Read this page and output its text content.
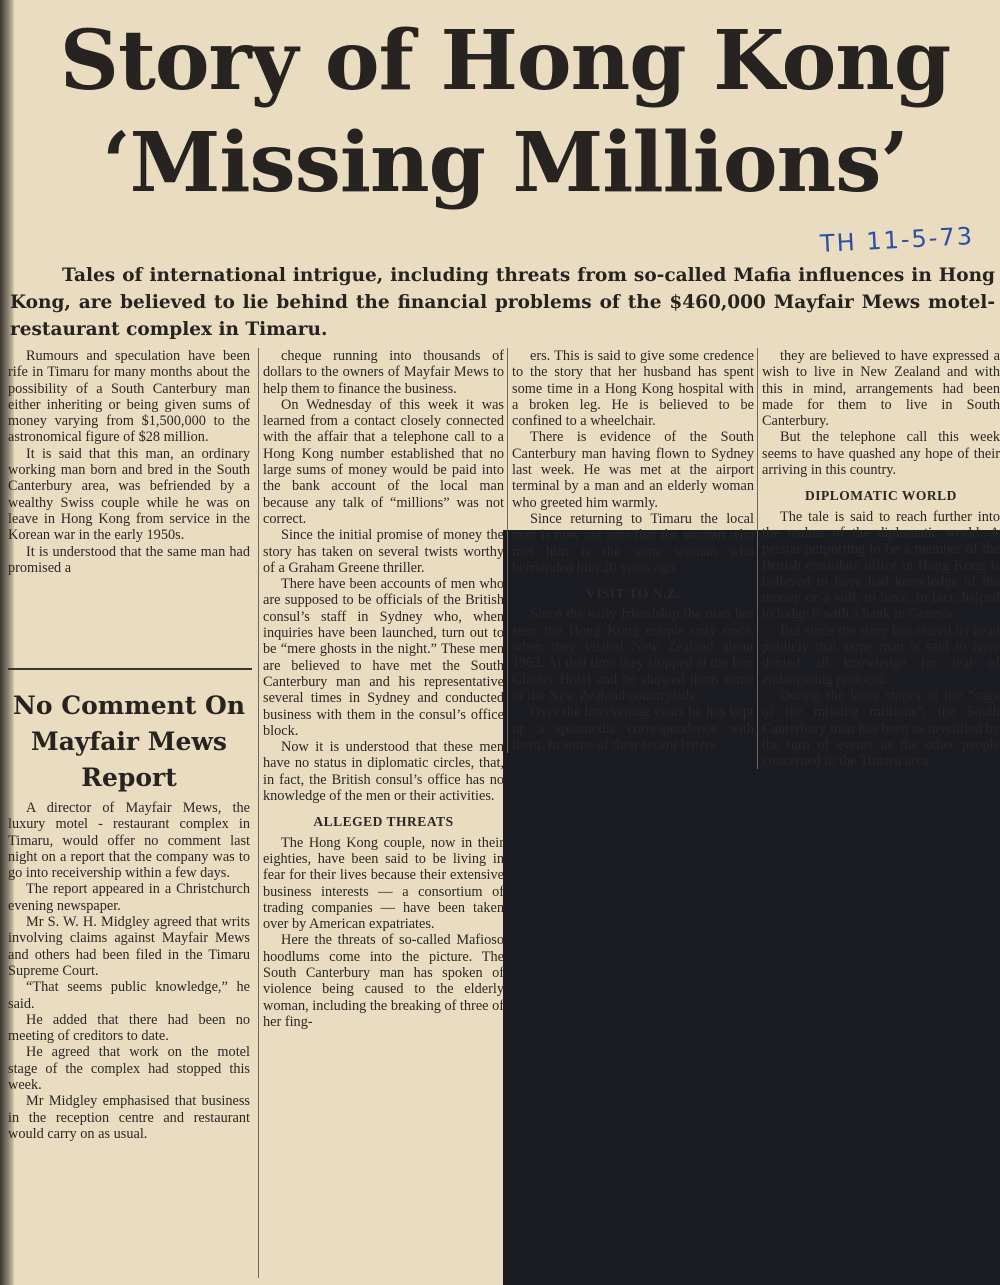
Story of Hong Kong
‘Missing Millions’
TH 11-5-73

Tales of international intrigue, including threats from so-called Mafia influences in Hong Kong, are believed to lie behind the financial problems of the $460,000 Mayfair Mews motel-restaurant complex in Timaru.

Rumours and speculation have been rife in Timaru for many months about the possibility of a South Canterbury man either inheriting or being given sums of money varying from $1,500,000 to the astronomical figure of $28 million.

It is said that this man, an ordinary working man born and bred in the South Canterbury area, was befriended by a wealthy Swiss couple while he was on leave in Hong Kong from service in the Korean war in the early 1950s.

It is understood that the same man had promised a

No Comment On Mayfair Mews Report

A director of Mayfair Mews, the luxury motel - restaurant complex in Timaru, would offer no comment last night on a report that the company was to go into receivership within a few days.

The report appeared in a Christchurch evening newspaper.

Mr S. W. H. Midgley agreed that writs involving claims against Mayfair Mews and others had been filed in the Timaru Supreme Court.

“That seems public knowledge,” he said.

He added that there had been no meeting of creditors to date.

He agreed that work on the motel stage of the complex had stopped this week.

Mr Midgley emphasised that business in the reception centre and restaurant would carry on as usual.

cheque running into thousands of dollars to the owners of Mayfair Mews to help them to finance the business.

On Wednesday of this week it was learned from a contact closely connected with the affair that a telephone call to a Hong Kong number established that no large sums of money would be paid into the bank account of the local man because any talk of “millions” was not correct.

Since the initial promise of money the story has taken on several twists worthy of a Graham Greene thriller.

There have been accounts of men who are supposed to be officials of the British consul’s staff in Sydney who, when inquiries have been launched, turn out to be “mere ghosts in the night.” These men are believed to have met the South Canterbury man and his representative several times in Sydney and conducted business with them in the consul’s office block.

Now it is understood that these men have no status in diplomatic circles, that, in fact, the British consul’s office has no knowledge of the men or their activities.

ALLEGED THREATS

The Hong Kong couple, now in their eighties, have been said to be living in fear for their lives because their extensive business interests — a consortium of trading companies — have been taken over by American expatriates.

Here the threats of so-called Mafioso hoodlums come into the picture. The South Canterbury man has spoken of violence being caused to the elderly woman, including the breaking of three of her fing-

ers. This is said to give some credence to the story that her husband has spent some time in a Hong Kong hospital with a broken leg. He is believed to be confined to a wheelchair.

There is evidence of the South Canterbury man having flown to Sydney last week. He was met at the airport terminal by a man and an elderly woman who greeted him warmly.

Since returning to Timaru the local man is now not sure that the woman who met him is the same woman who befriended him 20 years ago.

VISIT TO N.Z.

Since the early friendship the man has seen the Hong Kong couple only once, when they visited New Zealand about 1962. At that time they stopped at the Fox Glacier Hotel and he showed them some of the New Zealand countryside.

Over the intervening years he has kept up a spasmodic correspondence with them. In some of their recent letters

they are believed to have expressed a wish to live in New Zealand and with this in mind, arrangements had been made for them to live in South Canterbury.

But the telephone call this week seems to have quashed any hope of their arriving in this country.

DIPLOMATIC WORLD

The tale is said to reach further into the realms of the diplomatic world. A person purporting to be a member of the British consulate office in Hong Kong is believed to have had knowledge of the money or a will, to have, in fact, helped to lodge it with a bank in Geneva.

But since the story has reared its head publicly that same man is said to have denied all knowledge for fear of endangering protocol.

During the latter stages of the “saga of the missing millions”, the South Canterbury man has been as mystified by the turn of events as the other people concerned in the Timaru area.
